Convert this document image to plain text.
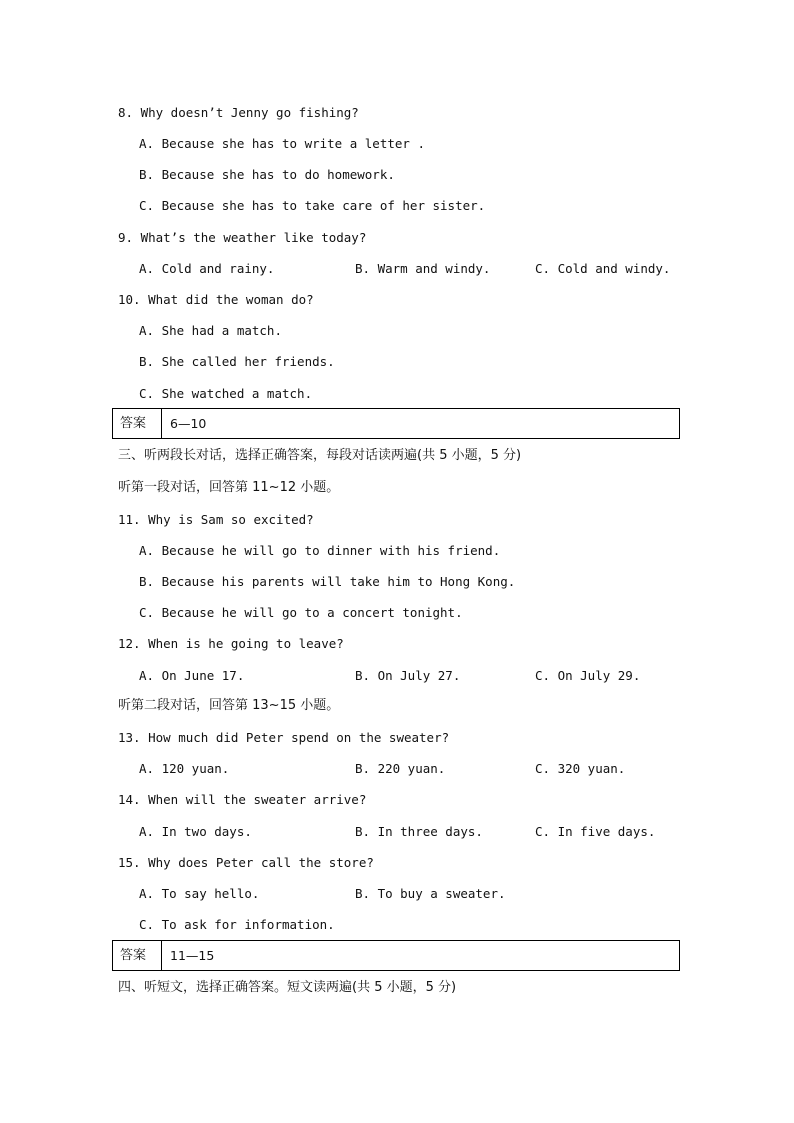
8. Why doesn’t Jenny go fishing?
A. Because she has to write a letter .
B. Because she has to do homework.
C. Because she has to take care of her sister.
9. What’s the weather like today?
A. Cold and rainy.	B. Warm and windy.	C. Cold and windy.
10. What did the woman do?
A. She had a match.
B. She called her friends.
C. She watched a match.
答案	6—10
三、听两段长对话，选择正确答案，每段对话读两遍(共 5 小题，5 分)
听第一段对话，回答第 11~12 小题。
11. Why is Sam so excited?
A. Because he will go to dinner with his friend.
B. Because his parents will take him to Hong Kong.
C. Because he will go to a concert tonight.
12. When is he going to leave?
A. On June 17.	B. On July 27.	C. On July 29.
听第二段对话，回答第 13~15 小题。
13. How much did Peter spend on the sweater?
A. 120 yuan.	B. 220 yuan.	C. 320 yuan.
14. When will the sweater arrive?
A. In two days.	B. In three days.	C. In five days.
15. Why does Peter call the store?
A. To say hello.	B. To buy a sweater.
C. To ask for information.
答案	11—15
四、听短文，选择正确答案。短文读两遍(共 5 小题，5 分)
